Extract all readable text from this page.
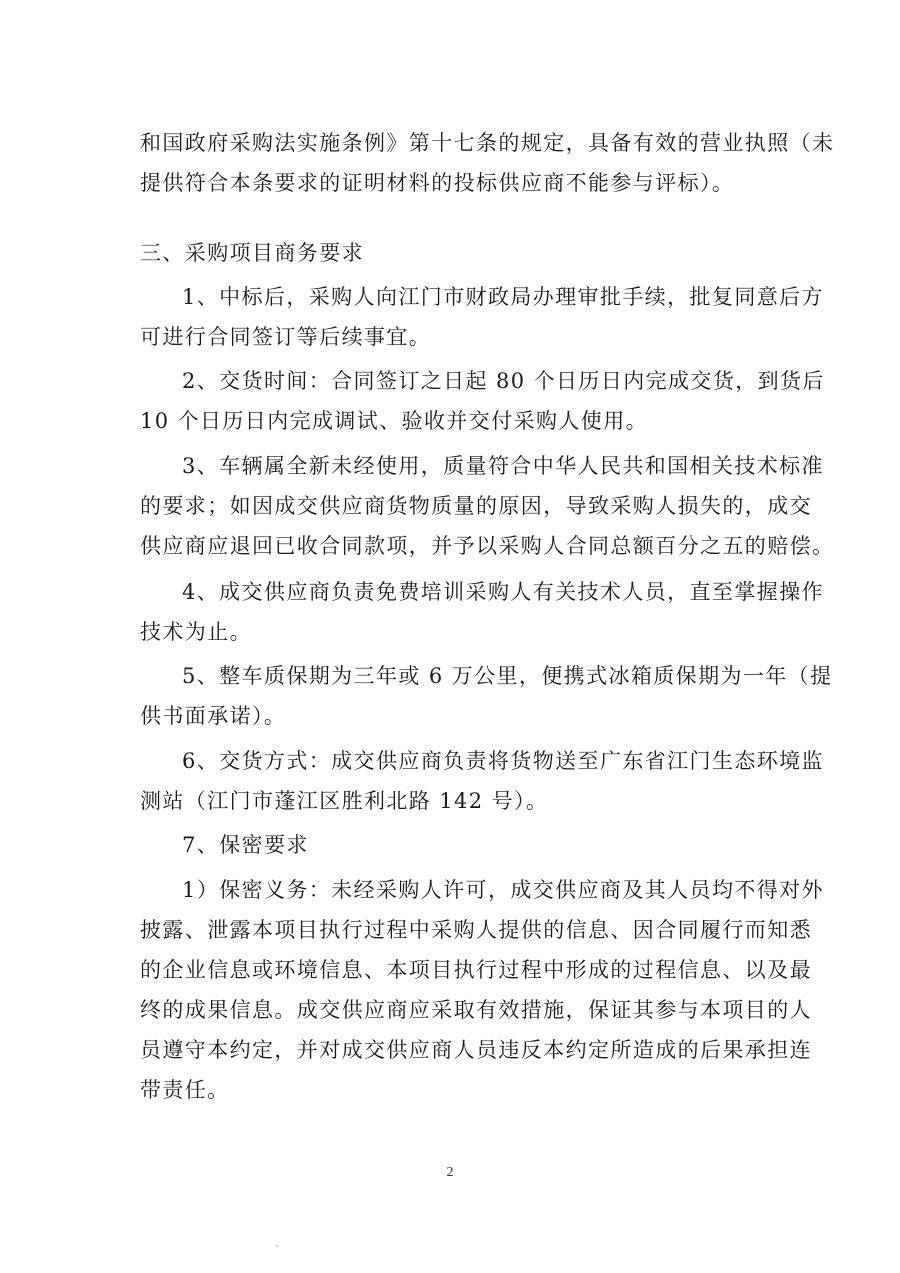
和国政府采购法实施条例》第十七条的规定，具备有效的营业执照（未
提供符合本条要求的证明材料的投标供应商不能参与评标）。
三、采购项目商务要求
1、中标后，采购人向江门市财政局办理审批手续，批复同意后方
可进行合同签订等后续事宜。
2、交货时间：合同签订之日起 80 个日历日内完成交货，到货后
10 个日历日内完成调试、验收并交付采购人使用。
3、车辆属全新未经使用，质量符合中华人民共和国相关技术标准
的要求；如因成交供应商货物质量的原因，导致采购人损失的，成交
供应商应退回已收合同款项，并予以采购人合同总额百分之五的赔偿。
4、成交供应商负责免费培训采购人有关技术人员，直至掌握操作
技术为止。
5、整车质保期为三年或 6 万公里，便携式冰箱质保期为一年（提
供书面承诺）。
6、交货方式：成交供应商负责将货物送至广东省江门生态环境监
测站（江门市蓬江区胜利北路 142 号）。
7、保密要求
1）保密义务：未经采购人许可，成交供应商及其人员均不得对外
披露、泄露本项目执行过程中采购人提供的信息、因合同履行而知悉
的企业信息或环境信息、本项目执行过程中形成的过程信息、以及最
终的成果信息。成交供应商应采取有效措施，保证其参与本项目的人
员遵守本约定，并对成交供应商人员违反本约定所造成的后果承担连
带责任。
2
